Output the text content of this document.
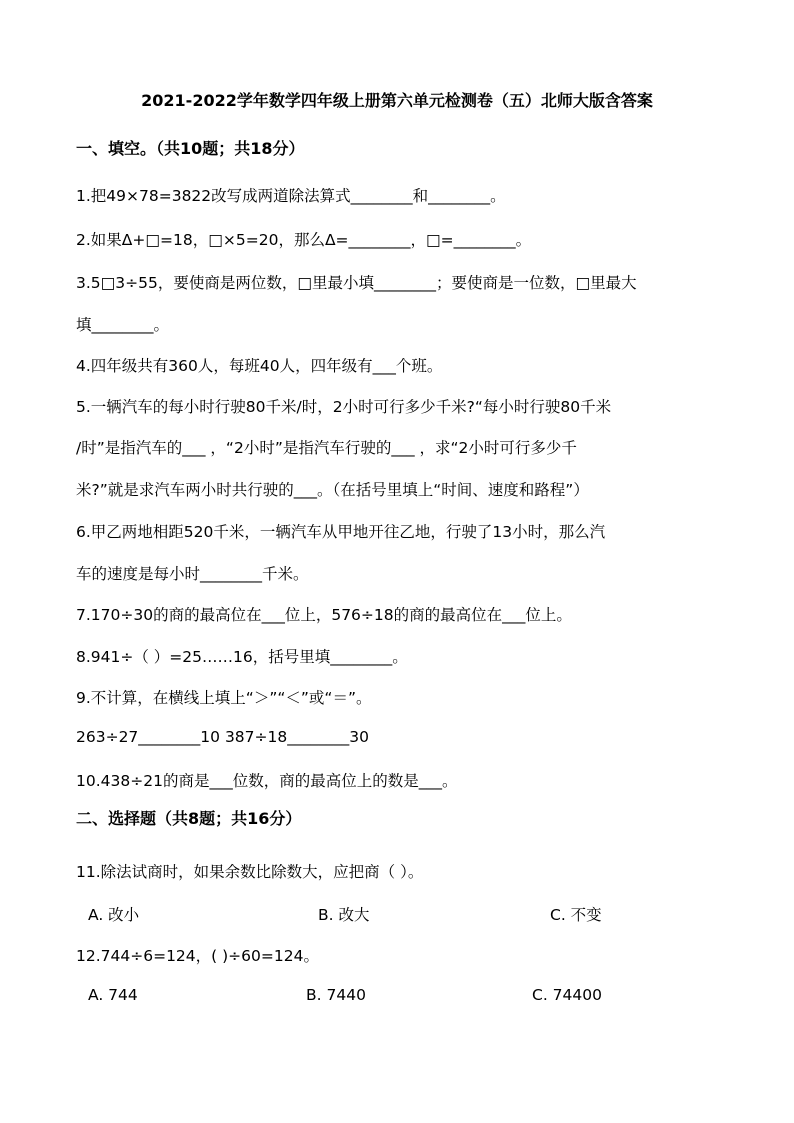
2021-2022学年数学四年级上册第六单元检测卷（五）北师大版含答案
一、填空。（共10题；共18分）
1.把49×78=3822改写成两道除法算式________和________。
2.如果Δ+□=18，□×5=20，那么Δ=________，□=________。
3.5□3÷55，要使商是两位数，□里最小填________；要使商是一位数，□里最大
填________。
4.四年级共有360人，每班40人，四年级有___个班。
5.一辆汽车的每小时行驶80千米/时，2小时可行多少千米?“每小时行驶80千米
/时”是指汽车的___ ，“2小时”是指汽车行驶的___ ，求“2小时可行多少千
米?”就是求汽车两小时共行驶的___。（在括号里填上“时间、速度和路程”）
6.甲乙两地相距520千米，一辆汽车从甲地开往乙地，行驶了13小时，那么汽
车的速度是每小时________千米。
7.170÷30的商的最高位在___位上，576÷18的商的最高位在___位上。
8.941÷（ ）=25……16，括号里填________。
9.不计算，在横线上填上“＞”“＜”或“＝”。
263÷27________10 387÷18________30
10.438÷21的商是___位数，商的最高位上的数是___。
二、选择题（共8题；共16分）
11.除法试商时，如果余数比除数大，应把商（ ）。
A. 改小	B. 改大	C. 不变
12.744÷6=124，( )÷60=124。
A. 744	B. 7440	C. 74400
